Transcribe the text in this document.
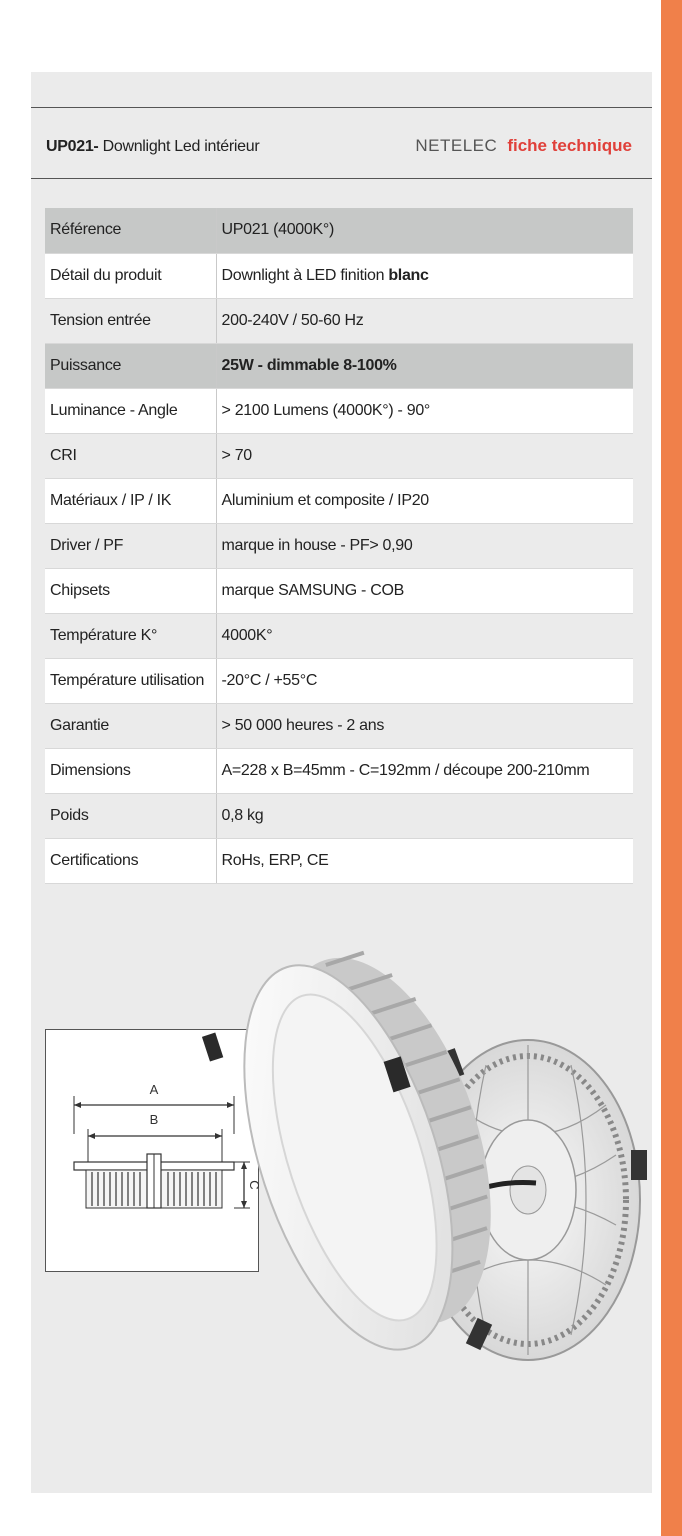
UP021- Downlight Led intérieur	NETELEC fiche technique
Référence	UP021 (4000K°)
Détail du produit	Downlight à LED finition blanc
Tension entrée	200-240V / 50-60 Hz
Puissance	25W - dimmable 8-100%
Luminance - Angle	> 2100 Lumens (4000K°) - 90°
CRI	> 70
Matériaux / IP / IK	Aluminium et composite / IP20
Driver / PF	marque in house - PF> 0,90
Chipsets	marque SAMSUNG - COB
Température K°	4000K°
Température utilisation	-20°C / +55°C
Garantie	> 50 000 heures - 2 ans
Dimensions	A=228 x B=45mm - C=192mm / découpe 200-210mm
Poids	0,8 kg
Certifications	RoHs, ERP, CE
A
B
C
